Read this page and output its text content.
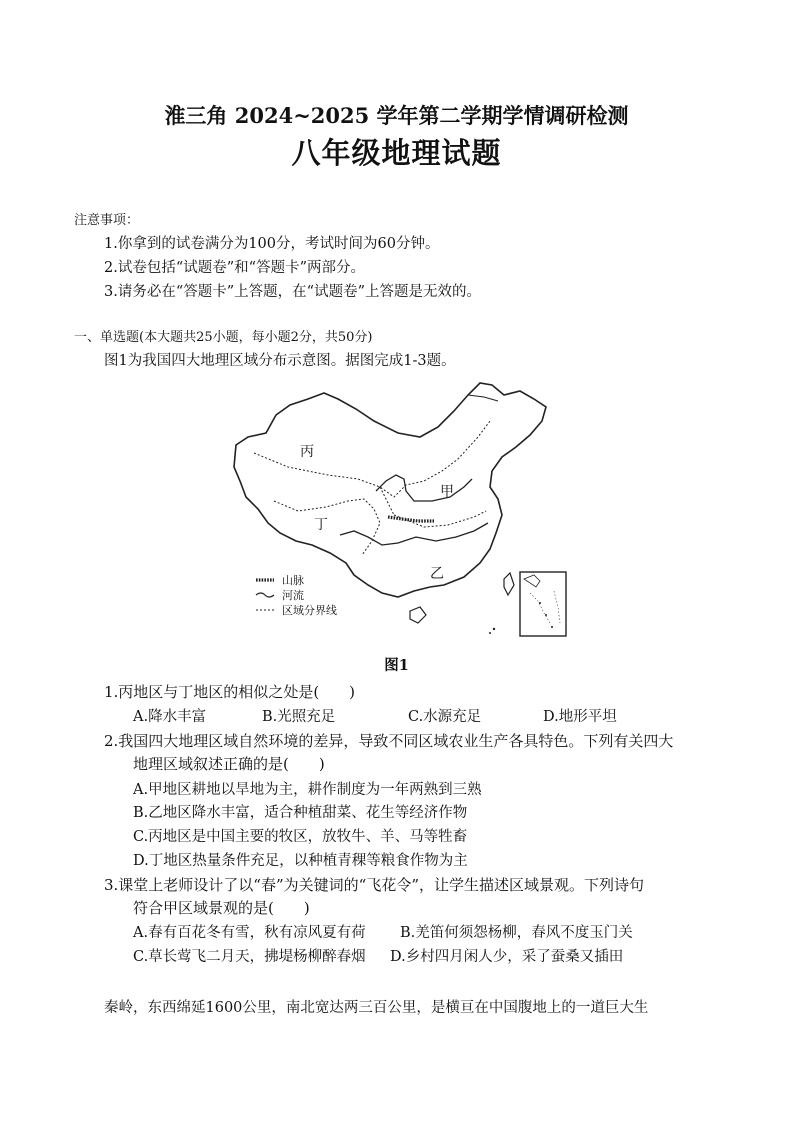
淮三角 2024~2025 学年第二学期学情调研检测
八年级地理试题
注意事项：
1.你拿到的试卷满分为100分，考试时间为60分钟。
2.试卷包括“试题卷”和“答题卡”两部分。
3.请务必在“答题卡”上答题，在“试题卷”上答题是无效的。
一、单选题(本大题共25小题，每小题2分，共50分)
图1为我国四大地理区域分布示意图。据图完成1-3题。
丙
甲
丁
乙
山脉
河流
区域分界线
图1
1.丙地区与丁地区的相似之处是(　　)
A.降水丰富	B.光照充足	C.水源充足	D.地形平坦
2.我国四大地理区域自然环境的差异，导致不同区域农业生产各具特色。下列有关四大
地理区域叙述正确的是(　　)
A.甲地区耕地以旱地为主，耕作制度为一年两熟到三熟
B.乙地区降水丰富，适合种植甜菜、花生等经济作物
C.丙地区是中国主要的牧区，放牧牛、羊、马等牲畜
D.丁地区热量条件充足，以种植青稞等粮食作物为主
3.课堂上老师设计了以“春”为关键词的“飞花令”，让学生描述区域景观。下列诗句
符合甲区域景观的是(　　)
A.春有百花冬有雪，秋有凉风夏有荷 B.羌笛何须怨杨柳，春风不度玉门关
C.草长莺飞二月天，拂堤杨柳醉春烟 D.乡村四月闲人少，采了蚕桑又插田
秦岭，东西绵延1600公里，南北宽达两三百公里，是横亘在中国腹地上的一道巨大生
